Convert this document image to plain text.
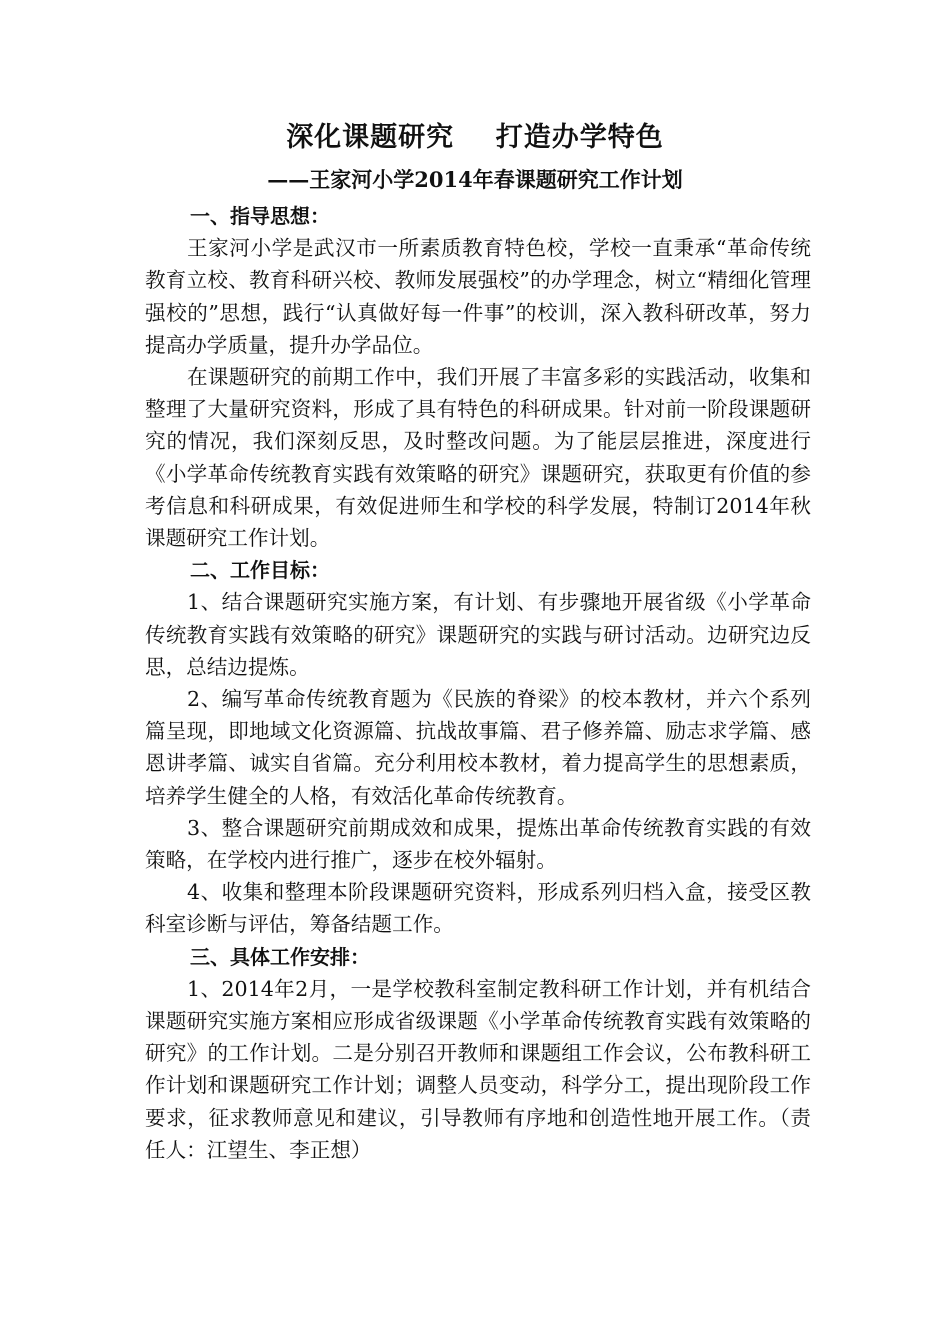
深化课题研究    打造办学特色
——王家河小学2014年春课题研究工作计划

一、指导思想：

王家河小学是武汉市一所素质教育特色校，学校一直秉承“革命传统教育立校、教育科研兴校、教师发展强校”的办学理念，树立“精细化管理强校的”思想，践行“认真做好每一件事”的校训，深入教科研改革，努力提高办学质量，提升办学品位。

在课题研究的前期工作中，我们开展了丰富多彩的实践活动，收集和整理了大量研究资料，形成了具有特色的科研成果。针对前一阶段课题研究的情况，我们深刻反思，及时整改问题。为了能层层推进，深度进行《小学革命传统教育实践有效策略的研究》课题研究，获取更有价值的参考信息和科研成果，有效促进师生和学校的科学发展，特制订2014年秋课题研究工作计划。

二、工作目标：

1、结合课题研究实施方案，有计划、有步骤地开展省级《小学革命传统教育实践有效策略的研究》课题研究的实践与研讨活动。边研究边反思，总结边提炼。

2、编写革命传统教育题为《民族的脊梁》的校本教材，并六个系列篇呈现，即地域文化资源篇、抗战故事篇、君子修养篇、励志求学篇、感恩讲孝篇、诚实自省篇。充分利用校本教材，着力提高学生的思想素质，培养学生健全的人格，有效活化革命传统教育。

3、整合课题研究前期成效和成果，提炼出革命传统教育实践的有效策略，在学校内进行推广，逐步在校外辐射。

4、收集和整理本阶段课题研究资料，形成系列归档入盒，接受区教科室诊断与评估，筹备结题工作。

三、具体工作安排：

1、2014年2月，一是学校教科室制定教科研工作计划，并有机结合课题研究实施方案相应形成省级课题《小学革命传统教育实践有效策略的研究》的工作计划。二是分别召开教师和课题组工作会议，公布教科研工作计划和课题研究工作计划；调整人员变动，科学分工，提出现阶段工作要求，征求教师意见和建议，引导教师有序地和创造性地开展工作。（责任人：江望生、李正想）
